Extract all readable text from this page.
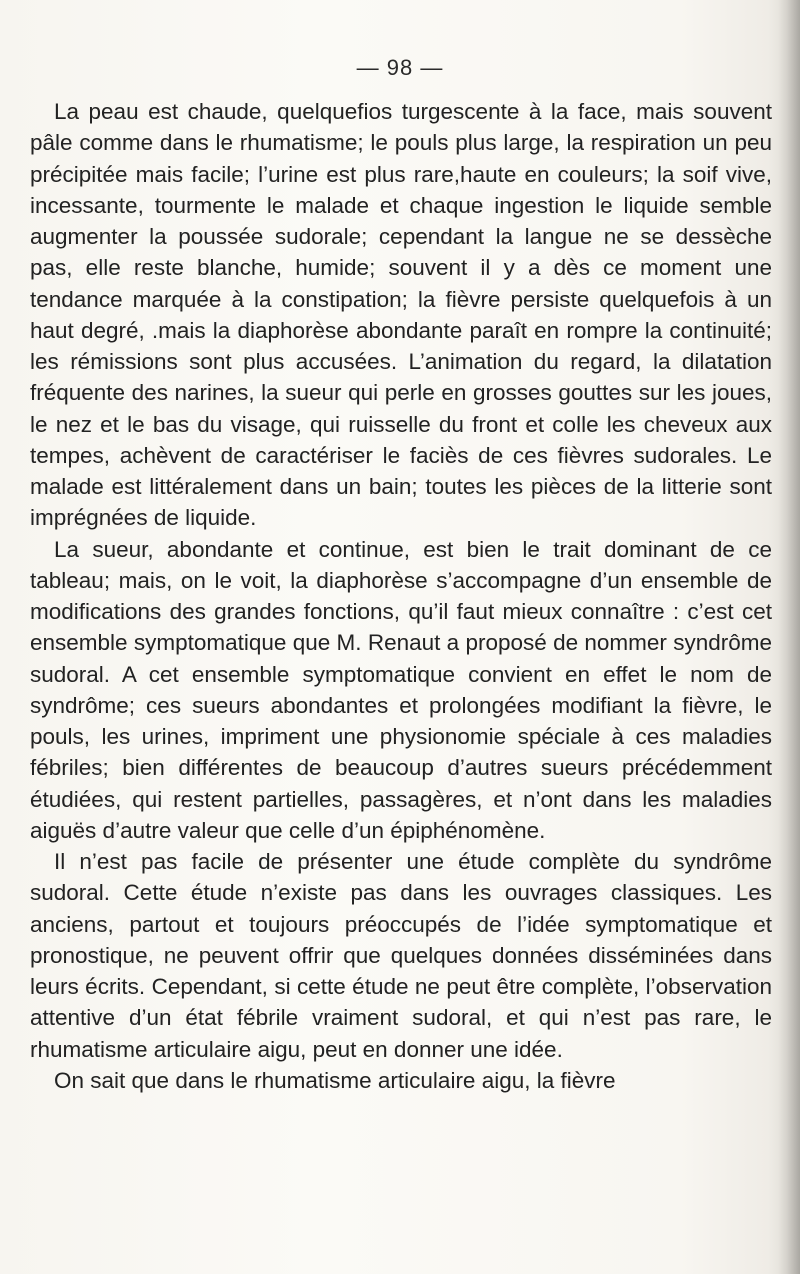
— 98 —

La peau est chaude, quelquefios turgescente à la face, mais souvent pâle comme dans le rhumatisme; le pouls plus large, la respiration un peu précipitée mais facile; l’urine est plus rare,haute en couleurs; la soif vive, incessante, tourmente le malade et chaque ingestion le liquide semble augmenter la poussée sudorale; cependant la langue ne se dessèche pas, elle reste blanche, humide; souvent il y a dès ce moment une tendance marquée à la constipation; la fièvre persiste quelquefois à un haut degré, .mais la diaphorèse abondante paraît en rompre la continuité; les rémissions sont plus accusées. L’animation du regard, la dilatation fréquente des narines, la sueur qui perle en grosses gouttes sur les joues, le nez et le bas du visage, qui ruisselle du front et colle les cheveux aux tempes, achèvent de caractériser le faciès de ces fièvres sudorales. Le malade est littéralement dans un bain; toutes les pièces de la litterie sont imprégnées de liquide.

La sueur, abondante et continue, est bien le trait dominant de ce tableau; mais, on le voit, la diaphorèse s’accompagne d’un ensemble de modifications des grandes fonctions, qu’il faut mieux connaître : c’est cet ensemble symptomatique que M. Renaut a proposé de nommer syndrôme sudoral. A cet ensemble symptomatique convient en effet le nom de syndrôme; ces sueurs abondantes et prolongées modifiant la fièvre, le pouls, les urines, impriment une physionomie spéciale à ces maladies fébriles; bien différentes de beaucoup d’autres sueurs précédemment étudiées, qui restent partielles, passagères, et n’ont dans les maladies aiguës d’autre valeur que celle d’un épiphénomène.

Il n’est pas facile de présenter une étude complète du syndrôme sudoral. Cette étude n’existe pas dans les ouvrages classiques. Les anciens, partout et toujours préoccupés de l’idée symptomatique et pronostique, ne peuvent offrir que quelques données disséminées dans leurs écrits. Cependant, si cette étude ne peut être complète, l’observation attentive d’un état fébrile vraiment sudoral, et qui n’est pas rare, le rhumatisme articulaire aigu, peut en donner une idée.

On sait que dans le rhumatisme articulaire aigu, la fièvre
